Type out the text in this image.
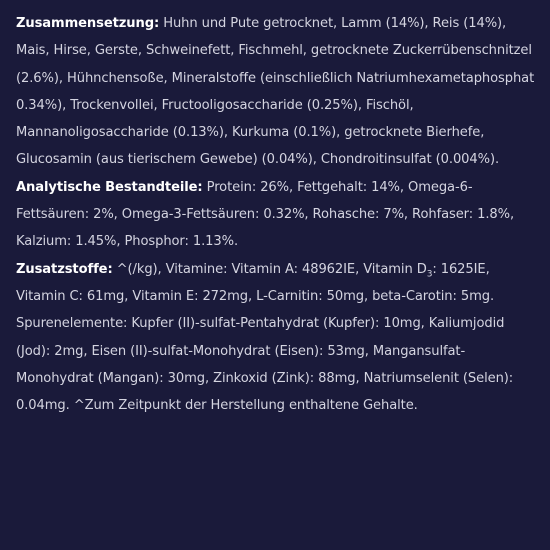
Zusammensetzung: Huhn und Pute getrocknet, Lamm (14%), Reis (14%), Mais, Hirse, Gerste, Schweinefett, Fischmehl, getrocknete Zuckerrübenschnitzel (2.6%), Hühnchensoße, Mineralstoffe (einschließlich Natriumhexametaphosphat 0.34%), Trockenvollei, Fructooligosaccharide (0.25%), Fischöl, Mannanoligosaccharide (0.13%), Kurkuma (0.1%), getrocknete Bierhefe, Glucosamin (aus tierischem Gewebe) (0.04%), Chondroitinsulfat (0.004%).

Analytische Bestandteile: Protein: 26%, Fettgehalt: 14%, Omega-6-Fettsäuren: 2%, Omega-3-Fettsäuren: 0.32%, Rohasche: 7%, Rohfaser: 1.8%, Kalzium: 1.45%, Phosphor: 1.13%.

Zusatzstoffe: ^(/kg), Vitamine: Vitamin A: 48962IE, Vitamin $D_3$: 1625IE, Vitamin C: 61mg, Vitamin E: 272mg, L-Carnitin: 50mg, beta-Carotin: 5mg. Spurenelemente: Kupfer (II)-sulfat-Pentahydrat (Kupfer): 10mg, Kaliumjodid (Jod): 2mg, Eisen (II)-sulfat-Monohydrat (Eisen): 53mg, Mangansulfat-Monohydrat (Mangan): 30mg, Zinkoxid (Zink): 88mg, Natriumselenit (Selen): 0.04mg. ^Zum Zeitpunkt der Herstellung enthaltene Gehalte.
